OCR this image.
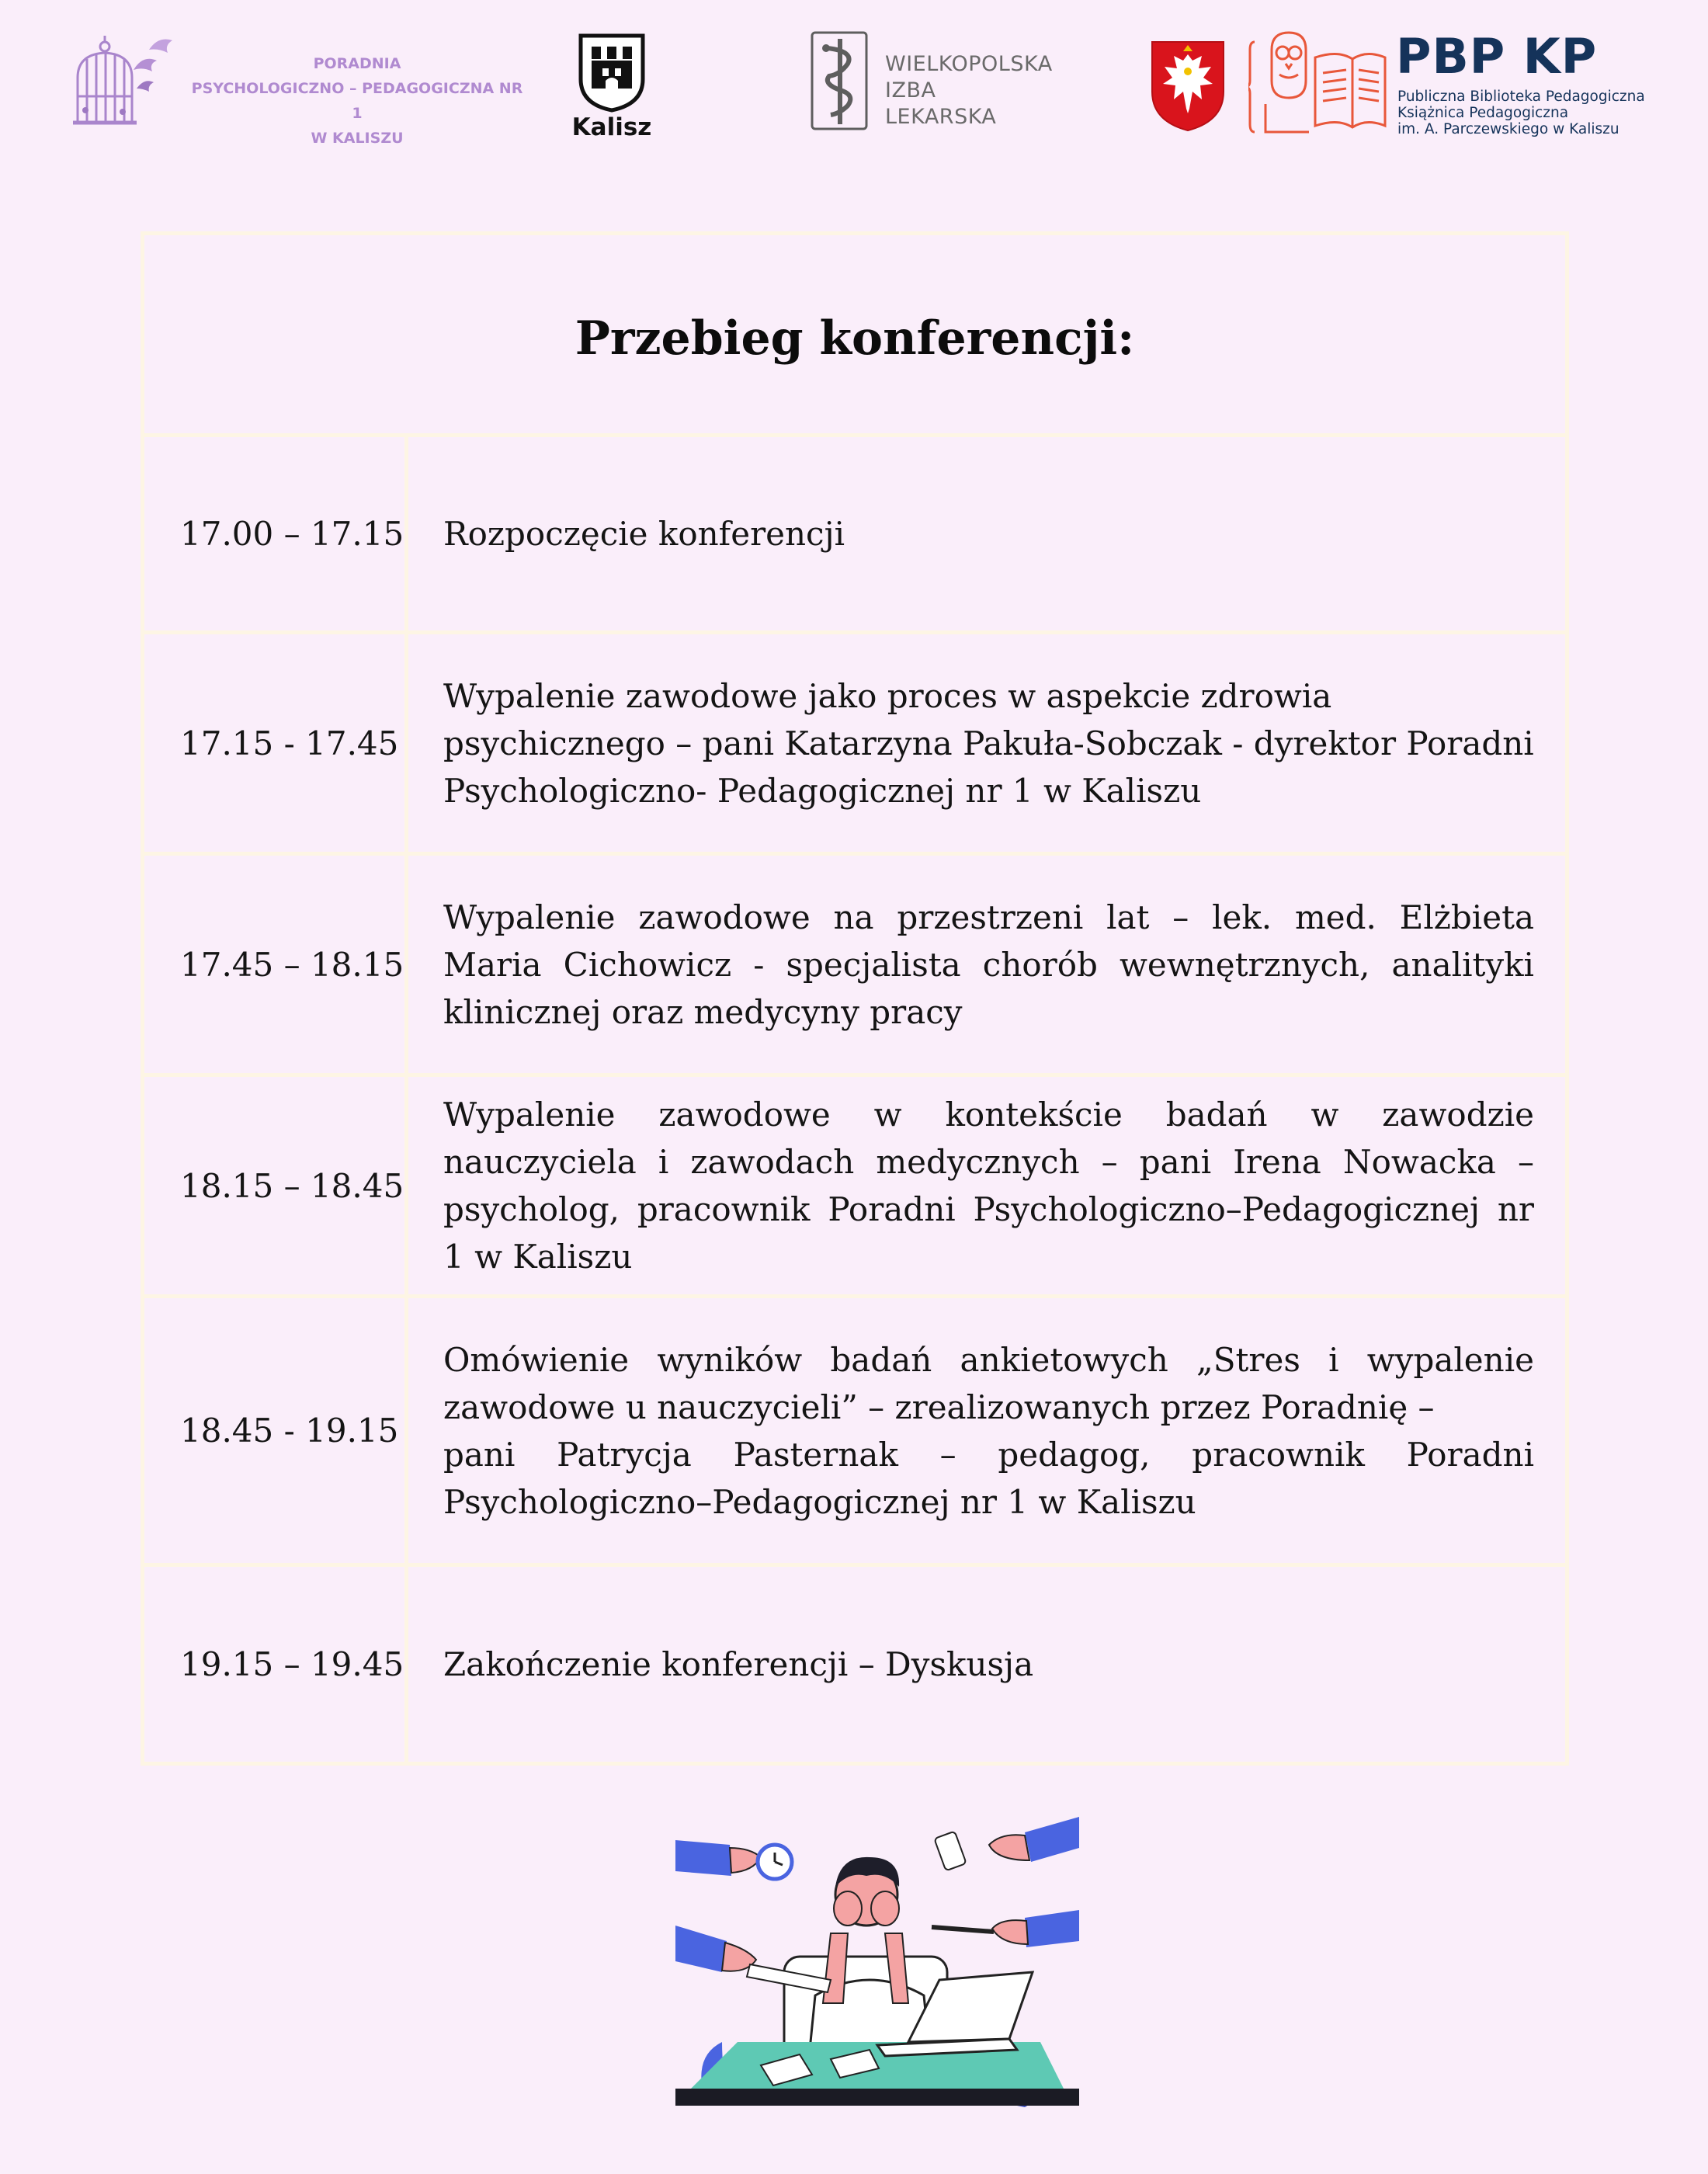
PORADNIA
PSYCHOLOGICZNO – PEDAGOGICZNA NR 1
W KALISZU	Kalisz
WIELKOPOLSKA
IZBA
LEKARSKA
PBP KP
Publiczna Biblioteka Pedagogiczna
Książnica Pedagogiczna
im. A. Parczewskiego w Kaliszu
Przebieg konferencji:
17.00 – 17.15 Rozpoczęcie konferencji

17.15 - 17.45

Wypalenie zawodowe jako proces w aspekcie zdrowia psychicznego – pani Katarzyna Pakuła-Sobczak - dyrektor Poradni Psychologiczno- Pedagogicznej nr 1 w Kaliszu

17.45 – 18.15

Wypalenie zawodowe na przestrzeni lat – lek. med. Elżbieta Maria Cichowicz - specjalista chorób wewnętrznych, analityki klinicznej oraz medycyny pracy

18.15 – 18.45

Wypalenie zawodowe w kontekście badań w zawodzie nauczyciela i zawodach medycznych – pani Irena Nowacka – psycholog, pracownik Poradni Psychologiczno–Pedagogicznej nr 1 w Kaliszu

18.45 - 19.15

Omówienie wyników badań ankietowych „Stres i wypalenie zawodowe u nauczycieli” – zrealizowanych przez Poradnię –

pani Patrycja Pasternak – pedagog, pracownik Poradni Psychologiczno–Pedagogicznej nr 1 w Kaliszu

19.15 – 19.45 Zakończenie konferencji – Dyskusja
